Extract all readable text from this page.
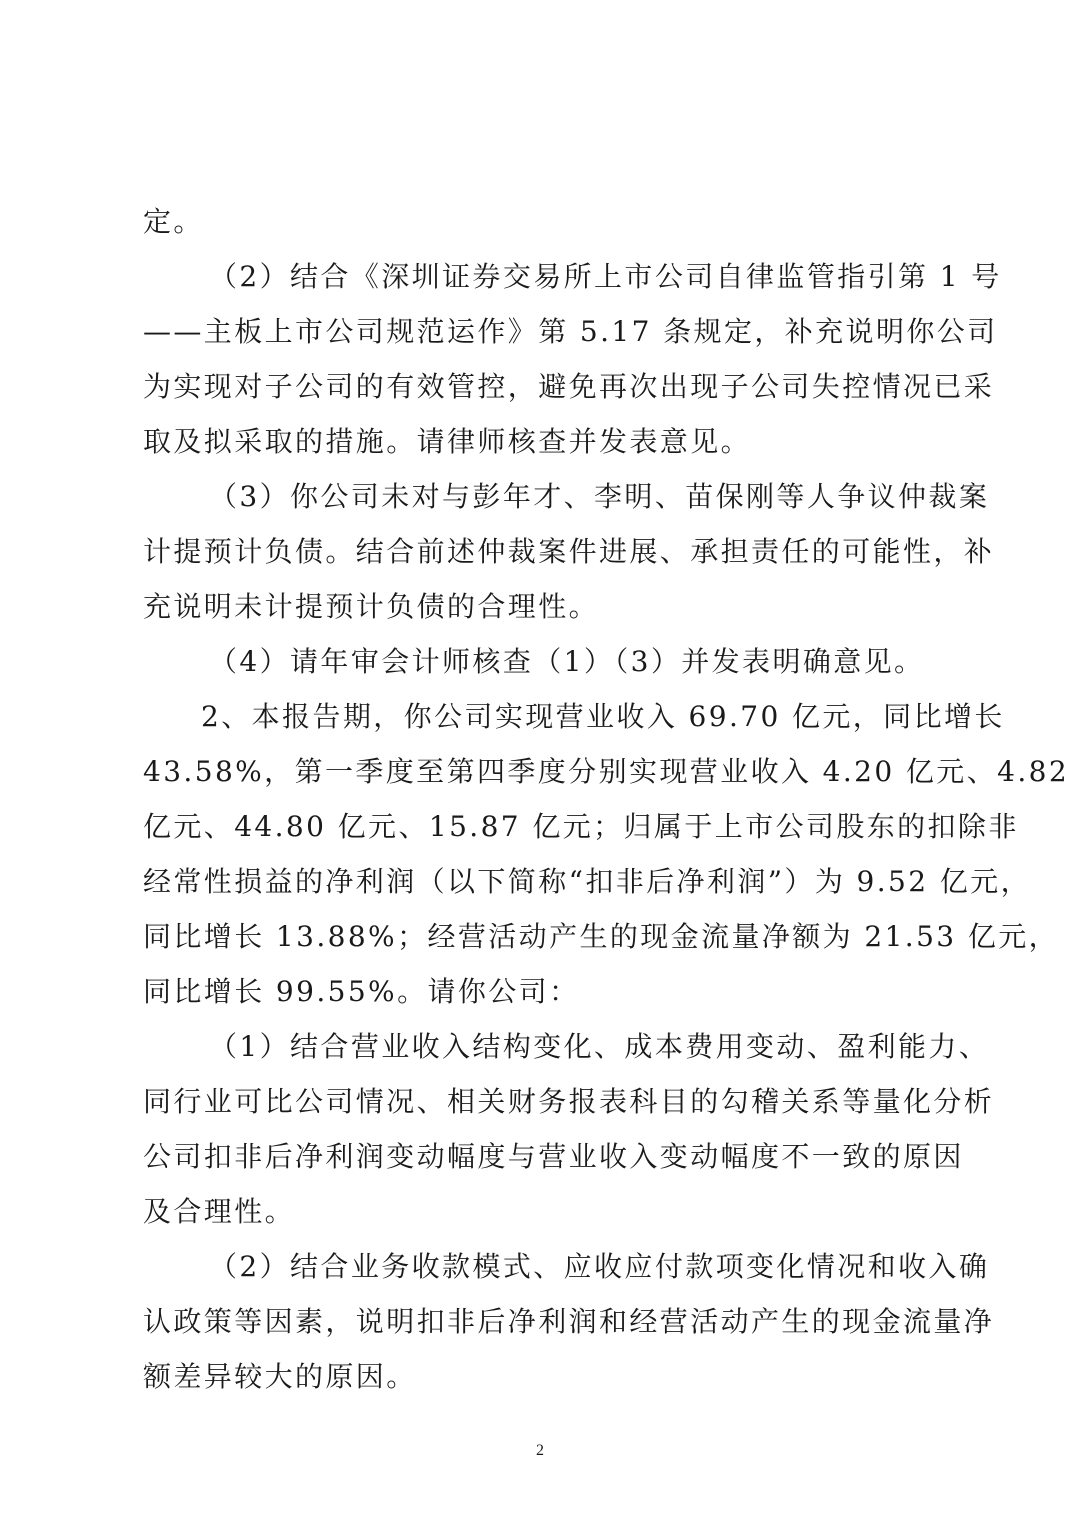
定。
（2）结合《深圳证券交易所上市公司自律监管指引第 1 号
——主板上市公司规范运作》第 5.17 条规定，补充说明你公司
为实现对子公司的有效管控，避免再次出现子公司失控情况已采
取及拟采取的措施。请律师核查并发表意见。
（3）你公司未对与彭年才、李明、苗保刚等人争议仲裁案
计提预计负债。结合前述仲裁案件进展、承担责任的可能性，补
充说明未计提预计负债的合理性。
（4）请年审会计师核查（1）（3）并发表明确意见。
2、本报告期，你公司实现营业收入 69.70 亿元，同比增长
43.58%，第一季度至第四季度分别实现营业收入 4.20 亿元、4.82
亿元、44.80 亿元、15.87 亿元；归属于上市公司股东的扣除非
经常性损益的净利润（以下简称“扣非后净利润”）为 9.52 亿元，
同比增长 13.88%；经营活动产生的现金流量净额为 21.53 亿元，
同比增长 99.55%。请你公司：
（1）结合营业收入结构变化、成本费用变动、盈利能力、
同行业可比公司情况、相关财务报表科目的勾稽关系等量化分析
公司扣非后净利润变动幅度与营业收入变动幅度不一致的原因
及合理性。
（2）结合业务收款模式、应收应付款项变化情况和收入确
认政策等因素，说明扣非后净利润和经营活动产生的现金流量净
额差异较大的原因。
2
